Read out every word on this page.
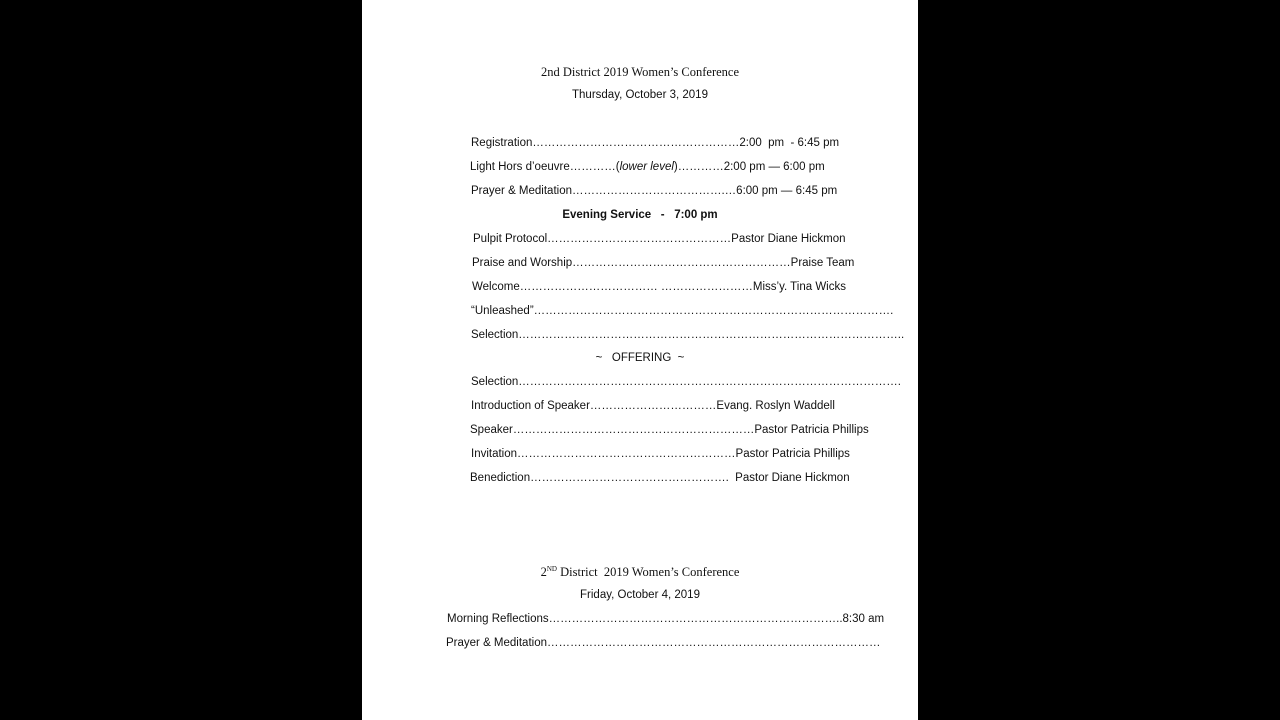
2nd District 2019 Women’s Conference
Thursday, October 3, 2019
Registration………………………………………………2:00  pm  - 6:45 pm
Light Hors d’oeuvre…………(lower level)…………2:00 pm — 6:00 pm
Prayer & Meditation………………………………….…6:00 pm — 6:45 pm
Evening Service   -   7:00 pm
Pulpit Protocol…………………………………………Pastor Diane Hickmon
Praise and Worship…………………………………………………Praise Team
Welcome……………………………… ……………………Miss’y. Tina Wicks
“Unleashed”………………………………………………………………………………….
Selection………………………………………………………………………………………..
~   OFFERING  ~
Selection……………………………………………………………………………………….
Introduction of Speaker……………………………Evang. Roslyn Waddell
Speaker………………………………………………………Pastor Patricia Phillips
Invitation…………………………………………………Pastor Patricia Phillips
Benediction…………………………………………….  Pastor Diane Hickmon
2ND District  2019 Women’s Conference
Friday, October 4, 2019
Morning Reflections…………………………………………………………………..8:30 am
Prayer & Meditation……………………………………………………………………………
